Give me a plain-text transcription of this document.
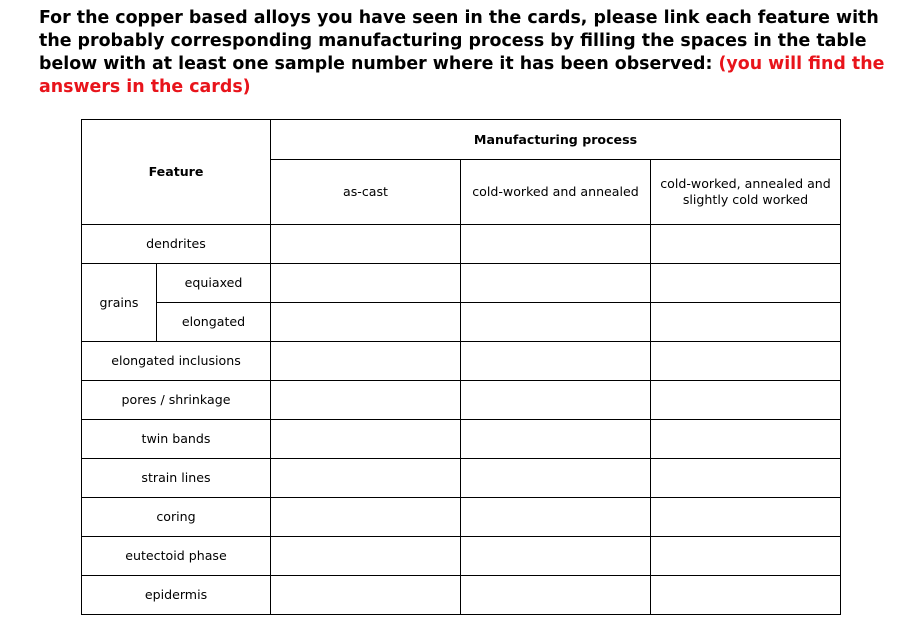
For the copper based alloys you have seen in the cards, please link each feature with the probably corresponding manufacturing process by filling the spaces in the table below with at least one sample number where it has been observed: (you will find the answers in the cards)
Feature		Manufacturing process		
		as-cast	cold-worked and annealed	cold-worked, annealed and slightly cold worked
dendrites				
grains	equiaxed			
	elongated			
elongated inclusions				
pores / shrinkage				
twin bands				
strain lines				
coring				
eutectoid phase				
epidermis				
